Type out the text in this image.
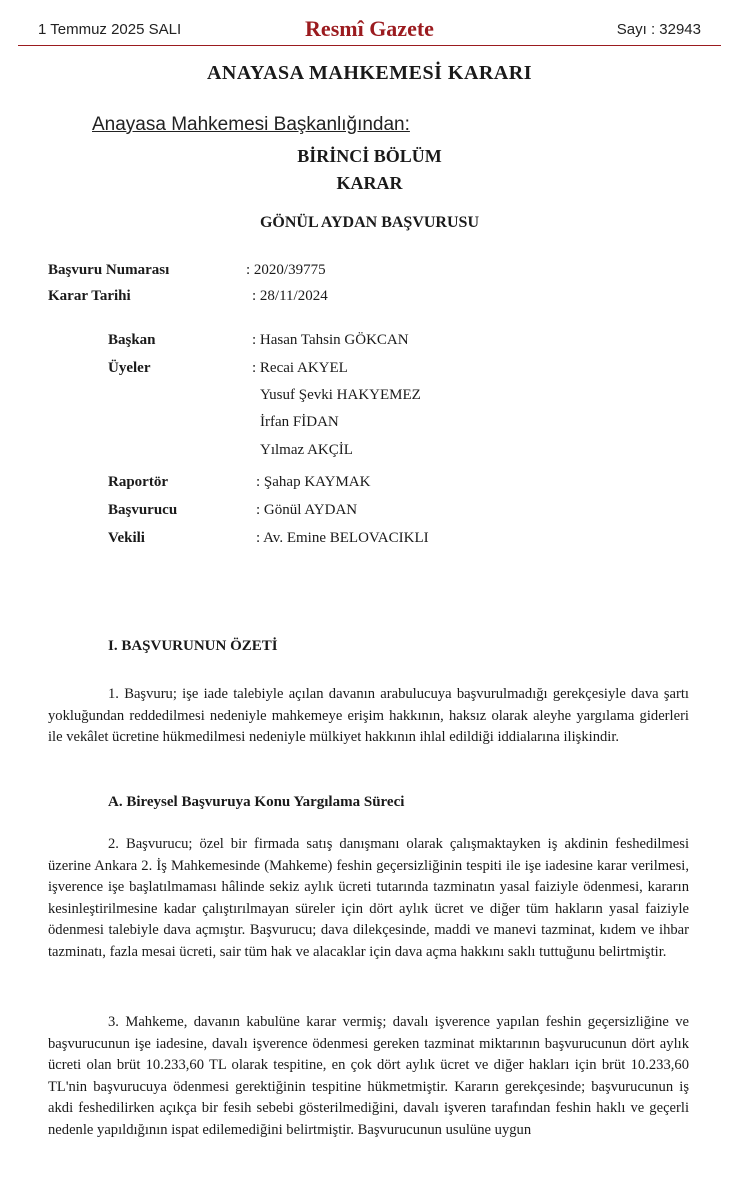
1 Temmuz 2025 SALI	Resmî Gazete	Sayı : 32943
ANAYASA MAHKEMESİ KARARI
Anayasa Mahkemesi Başkanlığından:
BİRİNCİ BÖLÜM
KARAR
GÖNÜL AYDAN BAŞVURUSU
Başvuru Numarası	: 2020/39775
Karar Tarihi	: 28/11/2024
Başkan	: Hasan Tahsin GÖKCAN
Üyeler	: Recai AKYEL
Yusuf Şevki HAKYEMEZ
İrfan FİDAN
Yılmaz AKÇİL
Raportör	: Şahap KAYMAK
Başvurucu	: Gönül AYDAN
Vekili	: Av. Emine BELOVACIKLI
I. BAŞVURUNUN ÖZETİ

1. Başvuru; işe iade talebiyle açılan davanın arabulucuya başvurulmadığı gerekçesiyle dava şartı yokluğundan reddedilmesi nedeniyle mahkemeye erişim hakkının, haksız olarak aleyhe yargılama giderleri ile vekâlet ücretine hükmedilmesi nedeniyle mülkiyet hakkının ihlal edildiği iddialarına ilişkindir.

A. Bireysel Başvuruya Konu Yargılama Süreci

2. Başvurucu; özel bir firmada satış danışmanı olarak çalışmaktayken iş akdinin feshedilmesi üzerine Ankara 2. İş Mahkemesinde (Mahkeme) feshin geçersizliğinin tespiti ile işe iadesine karar verilmesi, işverence işe başlatılmaması hâlinde sekiz aylık ücreti tutarında tazminatın yasal faiziyle ödenmesi, kararın kesinleştirilmesine kadar çalıştırılmayan süreler için dört aylık ücret ve diğer tüm hakların yasal faiziyle ödenmesi talebiyle dava açmıştır. Başvurucu; dava dilekçesinde, maddi ve manevi tazminat, kıdem ve ihbar tazminatı, fazla mesai ücreti, sair tüm hak ve alacaklar için dava açma hakkını saklı tuttuğunu belirtmiştir.

3. Mahkeme, davanın kabulüne karar vermiş; davalı işverence yapılan feshin geçersizliğine ve başvurucunun işe iadesine, davalı işverence ödenmesi gereken tazminat miktarının başvurucunun dört aylık ücreti olan brüt 10.233,60 TL olarak tespitine, en çok dört aylık ücret ve diğer hakları için brüt 10.233,60 TL'nin başvurucuya ödenmesi gerektiğinin tespitine hükmetmiştir. Kararın gerekçesinde; başvurucunun iş akdi feshedilirken açıkça bir fesih sebebi gösterilmediğini, davalı işveren tarafından feshin haklı ve geçerli nedenle yapıldığının ispat edilemediğini belirtmiştir. Başvurucunun usulüne uygun
